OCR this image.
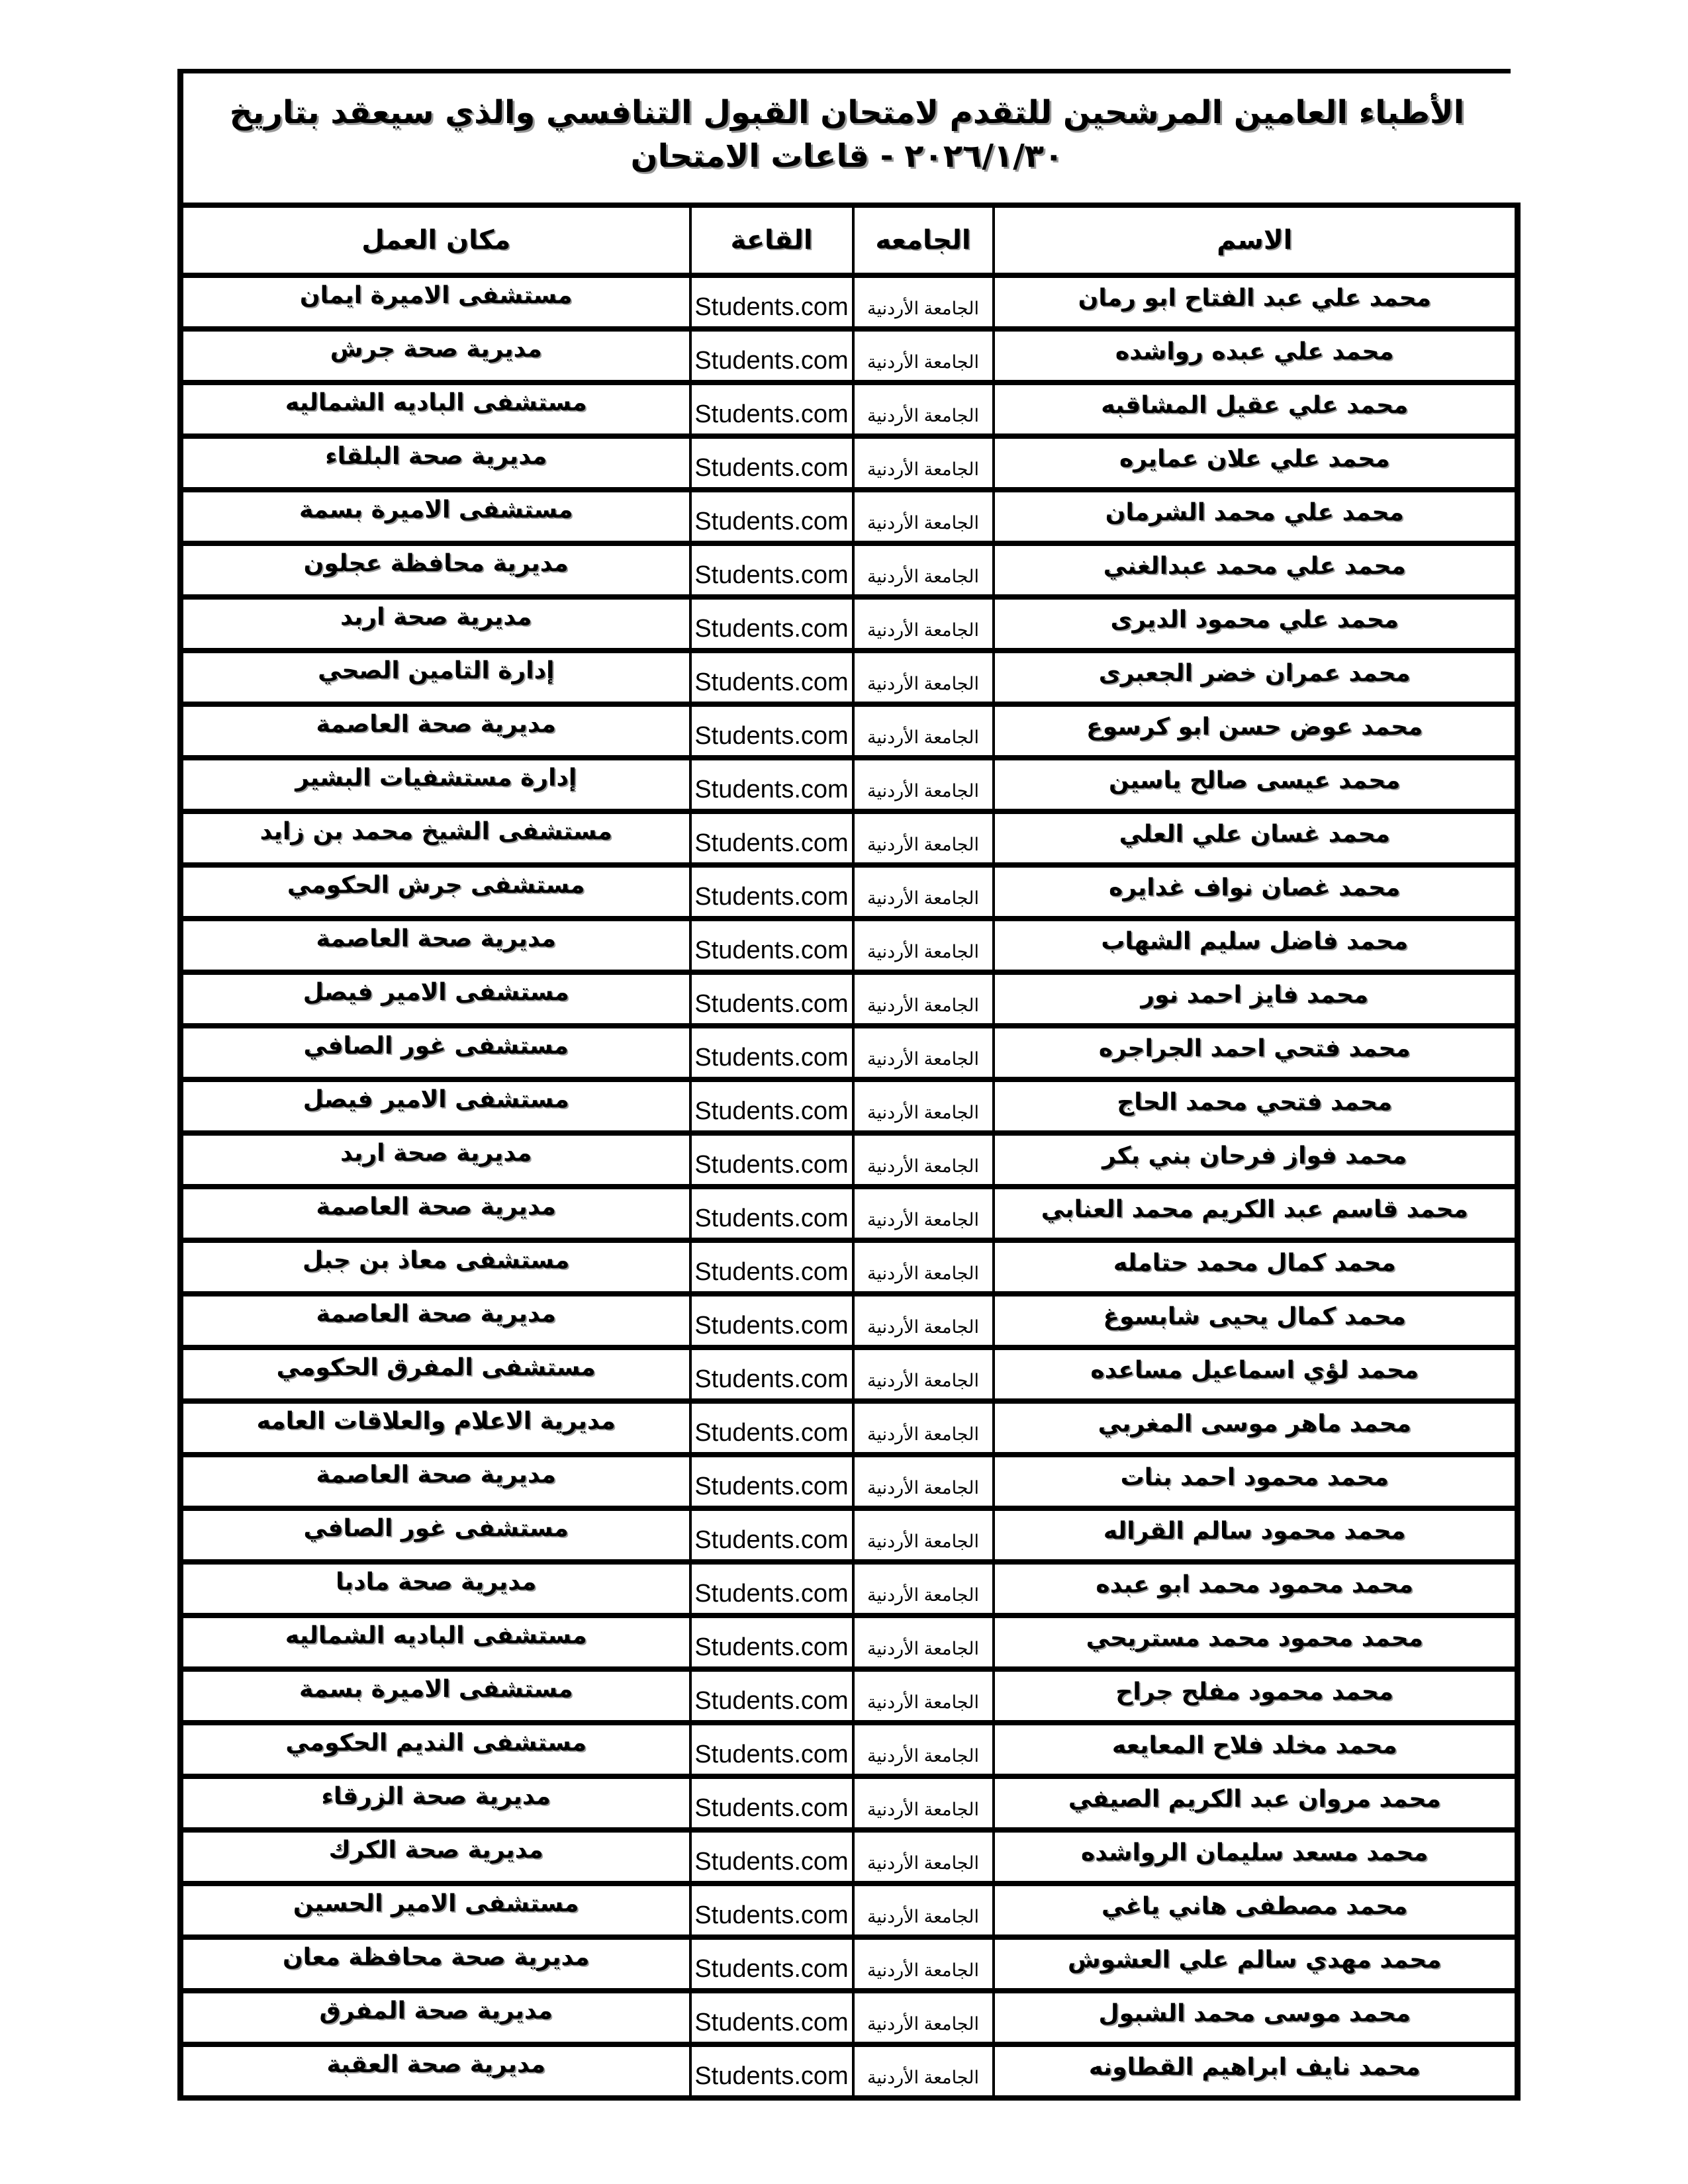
الأطباء العامين المرشحين للتقدم لامتحان القبول التنافسي والذي سيعقد بتاريخ ٢٠٢٦/١/٣٠ - قاعات الامتحان
الاسم	الجامعه	القاعة	مكان العمل
محمد علي عبد الفتاح ابو رمان	الجامعة الأردنية	Students.com	مستشفى الاميرة ايمان
محمد علي عبده رواشده	الجامعة الأردنية	Students.com	مديرية صحة جرش
محمد علي عقيل المشاقبه	الجامعة الأردنية	Students.com	مستشفى الباديه الشماليه
محمد علي علان عمايره	الجامعة الأردنية	Students.com	مديرية صحة البلقاء
محمد علي محمد الشرمان	الجامعة الأردنية	Students.com	مستشفى الاميرة بسمة
محمد علي محمد عبدالغني	الجامعة الأردنية	Students.com	مديرية محافظة عجلون
محمد علي محمود الديرى	الجامعة الأردنية	Students.com	مديرية صحة اربد
محمد عمران خضر الجعبرى	الجامعة الأردنية	Students.com	إدارة التامين الصحي
محمد عوض حسن ابو كرسوع	الجامعة الأردنية	Students.com	مديرية صحة العاصمة
محمد عيسى صالح ياسين	الجامعة الأردنية	Students.com	إدارة مستشفيات البشير
محمد غسان علي العلي	الجامعة الأردنية	Students.com	مستشفى الشيخ محمد بن زايد
محمد غصان نواف غدايره	الجامعة الأردنية	Students.com	مستشفى جرش الحكومي
محمد فاضل سليم الشهاب	الجامعة الأردنية	Students.com	مديرية صحة العاصمة
محمد فايز احمد نور	الجامعة الأردنية	Students.com	مستشفى الامير فيصل
محمد فتحي احمد الجراجره	الجامعة الأردنية	Students.com	مستشفى غور الصافي
محمد فتحي محمد الحاج	الجامعة الأردنية	Students.com	مستشفى الامير فيصل
محمد فواز فرحان بني بكر	الجامعة الأردنية	Students.com	مديرية صحة اربد
محمد قاسم عبد الكريم محمد العنابي	الجامعة الأردنية	Students.com	مديرية صحة العاصمة
محمد كمال محمد حتامله	الجامعة الأردنية	Students.com	مستشفى معاذ بن جبل
محمد كمال يحيى شابسوغ	الجامعة الأردنية	Students.com	مديرية صحة العاصمة
محمد لؤي اسماعيل مساعده	الجامعة الأردنية	Students.com	مستشفى المفرق الحكومي
محمد ماهر موسى المغربي	الجامعة الأردنية	Students.com	مديرية الاعلام والعلاقات العامه
محمد محمود احمد بنات	الجامعة الأردنية	Students.com	مديرية صحة العاصمة
محمد محمود سالم القراله	الجامعة الأردنية	Students.com	مستشفى غور الصافي
محمد محمود محمد ابو عبده	الجامعة الأردنية	Students.com	مديرية صحة مادبا
محمد محمود محمد مستريحي	الجامعة الأردنية	Students.com	مستشفى الباديه الشماليه
محمد محمود مفلح جراح	الجامعة الأردنية	Students.com	مستشفى الاميرة بسمة
محمد مخلد فلاح المعايعه	الجامعة الأردنية	Students.com	مستشفى النديم الحكومي
محمد مروان عبد الكريم الصيفي	الجامعة الأردنية	Students.com	مديرية صحة الزرقاء
محمد مسعد سليمان الرواشده	الجامعة الأردنية	Students.com	مديرية صحة الكرك
محمد مصطفى هاني ياغي	الجامعة الأردنية	Students.com	مستشفى الامير الحسين
محمد مهدي سالم علي العشوش	الجامعة الأردنية	Students.com	مديرية صحة محافظة معان
محمد موسى محمد الشبول	الجامعة الأردنية	Students.com	مديرية صحة المفرق
محمد نايف ابراهيم القطاونه	الجامعة الأردنية	Students.com	مديرية صحة العقبة
